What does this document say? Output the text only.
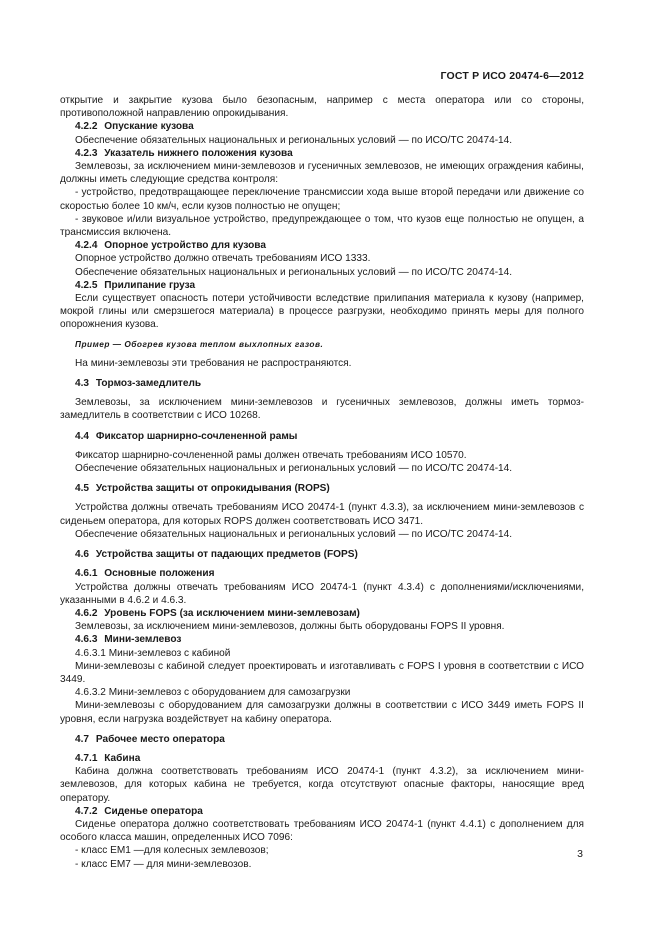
ГОСТ Р ИСО 20474-6—2012

открытие и закрытие кузова было безопасным, например с места оператора или со стороны, противоположной направлению опрокидывания.

4.2.2 Опускание кузова

Обеспечение обязательных национальных и региональных условий — по ИСО/ТС 20474-14.

4.2.3 Указатель нижнего положения кузова

Землевозы, за исключением мини-землевозов и гусеничных землевозов, не имеющих ограждения кабины, должны иметь следующие средства контроля:

- устройство, предотвращающее переключение трансмиссии хода выше второй передачи или движение со скоростью более 10 км/ч, если кузов полностью не опущен;

- звуковое и/или визуальное устройство, предупреждающее о том, что кузов еще полностью не опущен, а трансмиссия включена.

4.2.4 Опорное устройство для кузова

Опорное устройство должно отвечать требованиям ИСО 1333.

Обеспечение обязательных национальных и региональных условий — по ИСО/ТС 20474-14.

4.2.5 Прилипание груза

Если существует опасность потери устойчивости вследствие прилипания материала к кузову (например, мокрой глины или смерзшегося материала) в процессе разгрузки, необходимо принять меры для полного опорожнения кузова.

Пример — Обогрев кузова теплом выхлопных газов.

На мини-землевозы эти требования не распространяются.

4.3 Тормоз-замедлитель

Землевозы, за исключением мини-землевозов и гусеничных землевозов, должны иметь тормоз-замедлитель в соответствии с ИСО 10268.

4.4 Фиксатор шарнирно-сочлененной рамы

Фиксатор шарнирно-сочлененной рамы должен отвечать требованиям ИСО 10570.

Обеспечение обязательных национальных и региональных условий — по ИСО/ТС 20474-14.

4.5 Устройства защиты от опрокидывания (ROPS)

Устройства должны отвечать требованиям ИСО 20474-1 (пункт 4.3.3), за исключением мини-землевозов с сиденьем оператора, для которых ROPS должен соответствовать ИСО 3471.

Обеспечение обязательных национальных и региональных условий — по ИСО/ТС 20474-14.

4.6 Устройства защиты от падающих предметов (FOPS)

4.6.1 Основные положения

Устройства должны отвечать требованиям ИСО 20474-1 (пункт 4.3.4) с дополнениями/исключениями, указанными в 4.6.2 и 4.6.3.

4.6.2 Уровень FOPS (за исключением мини-землевозам)

Землевозы, за исключением мини-землевозов, должны быть оборудованы FOPS II уровня.

4.6.3 Мини-землевоз

4.6.3.1 Мини-землевоз с кабиной

Мини-землевозы с кабиной следует проектировать и изготавливать с FOPS I уровня в соответствии с ИСО 3449.

4.6.3.2 Мини-землевоз с оборудованием для самозагрузки

Мини-землевозы с оборудованием для самозагрузки должны в соответствии с ИСО 3449 иметь FOPS II уровня, если нагрузка воздействует на кабину оператора.

4.7 Рабочее место оператора

4.7.1 Кабина

Кабина должна соответствовать требованиям ИСО 20474-1 (пункт 4.3.2), за исключением мини-землевозов, для которых кабина не требуется, когда отсутствуют опасные факторы, наносящие вред оператору.

4.7.2 Сиденье оператора

Сиденье оператора должно соответствовать требованиям ИСО 20474-1 (пункт 4.4.1) с дополнением для особого класса машин, определенных ИСО 7096:

- класс ЕМ1 —для колесных землевозов;

- класс ЕМ7 — для мини-землевозов.

3
